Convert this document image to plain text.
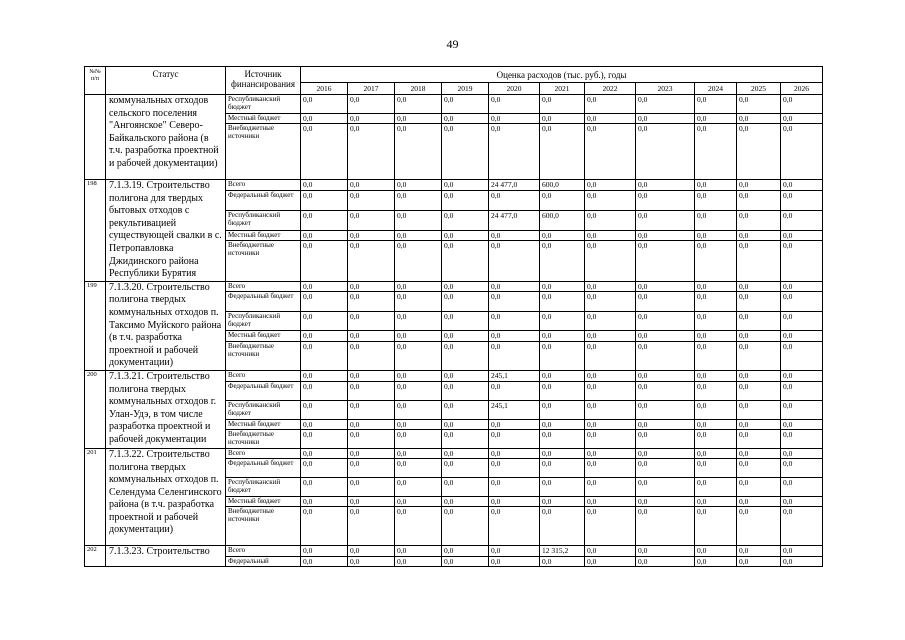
49
№№ п/п	Статус	Источник финансирования	Оценка расходов (тыс. руб.), годы										
			2016	2017	2018	2019	2020	2021	2022	2023	2024	2025	2026
	коммунальных отходов сельского поселения "Ангоянское" Северо-Байкальского района (в т.ч. разработка проектной и рабочей документации)	Республиканский бюджет	0,0	0,0	0,0	0,0	0,0	0,0	0,0	0,0	0,0	0,0	0,0
		Местный бюджет	0,0	0,0	0,0	0,0	0,0	0,0	0,0	0,0	0,0	0,0	0,0
		Внебюджетные источники	0,0	0,0	0,0	0,0	0,0	0,0	0,0	0,0	0,0	0,0	0,0
198	7.1.3.19. Строительство полигона для твердых бытовых отходов с рекультивацией существующей свалки в с. Петропавловка Джидинского района Республики Бурятия	Всего	0,0	0,0	0,0	0,0	24 477,0	600,0	0,0	0,0	0,0	0,0	0,0
		Федеральный бюджет	0,0	0,0	0,0	0,0	0,0	0,0	0,0	0,0	0,0	0,0	0,0
		Республиканский бюджет	0,0	0,0	0,0	0,0	24 477,0	600,0	0,0	0,0	0,0	0,0	0,0
		Местный бюджет	0,0	0,0	0,0	0,0	0,0	0,0	0,0	0,0	0,0	0,0	0,0
		Внебюджетные источники	0,0	0,0	0,0	0,0	0,0	0,0	0,0	0,0	0,0	0,0	0,0
199	7.1.3.20. Строительство полигона твердых коммунальных отходов п. Таксимо Муйского района (в т.ч. разработка проектной и рабочей документации)	Всего	0,0	0,0	0,0	0,0	0,0	0,0	0,0	0,0	0,0	0,0	0,0
		Федеральный бюджет	0,0	0,0	0,0	0,0	0,0	0,0	0,0	0,0	0,0	0,0	0,0
		Республиканский бюджет	0,0	0,0	0,0	0,0	0,0	0,0	0,0	0,0	0,0	0,0	0,0
		Местный бюджет	0,0	0,0	0,0	0,0	0,0	0,0	0,0	0,0	0,0	0,0	0,0
		Внебюджетные источники	0,0	0,0	0,0	0,0	0,0	0,0	0,0	0,0	0,0	0,0	0,0
200	7.1.3.21. Строительство полигона твердых коммунальных отходов г. Улан-Удэ, в том числе разработка проектной и рабочей документации	Всего	0,0	0,0	0,0	0,0	245,1	0,0	0,0	0,0	0,0	0,0	0,0
		Федеральный бюджет	0,0	0,0	0,0	0,0	0,0	0,0	0,0	0,0	0,0	0,0	0,0
		Республиканский бюджет	0,0	0,0	0,0	0,0	245,1	0,0	0,0	0,0	0,0	0,0	0,0
		Местный бюджет	0,0	0,0	0,0	0,0	0,0	0,0	0,0	0,0	0,0	0,0	0,0
		Внебюджетные источники	0,0	0,0	0,0	0,0	0,0	0,0	0,0	0,0	0,0	0,0	0,0
201	7.1.3.22. Строительство полигона твердых коммунальных отходов п. Селендума Селенгинского района (в т.ч. разработка проектной и рабочей документации)	Всего	0,0	0,0	0,0	0,0	0,0	0,0	0,0	0,0	0,0	0,0	0,0
		Федеральный бюджет	0,0	0,0	0,0	0,0	0,0	0,0	0,0	0,0	0,0	0,0	0,0
		Республиканский бюджет	0,0	0,0	0,0	0,0	0,0	0,0	0,0	0,0	0,0	0,0	0,0
		Местный бюджет	0,0	0,0	0,0	0,0	0,0	0,0	0,0	0,0	0,0	0,0	0,0
		Внебюджетные источники	0,0	0,0	0,0	0,0	0,0	0,0	0,0	0,0	0,0	0,0	0,0
202	7.1.3.23. Строительство	Всего	0,0	0,0	0,0	0,0	0,0	12 315,2	0,0	0,0	0,0	0,0	0,0
		Федеральный	0,0	0,0	0,0	0,0	0,0	0,0	0,0	0,0	0,0	0,0	0,0
